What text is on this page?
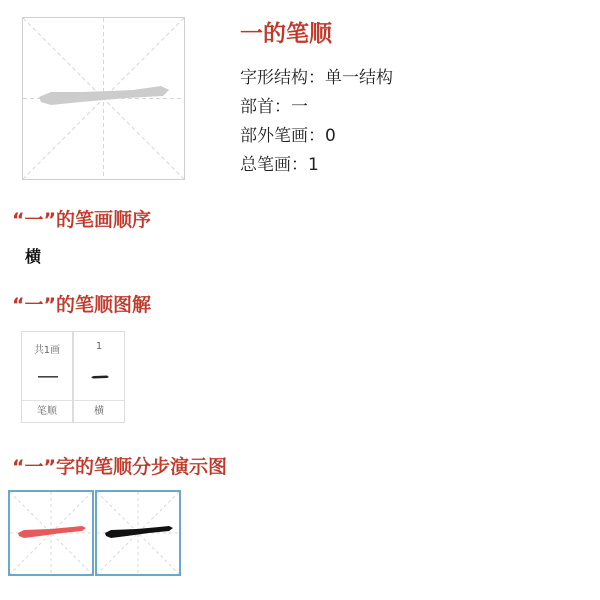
一的笔顺
字形结构：单一结构
部首：一
部外笔画：0
总笔画：1
“一”的笔画顺序
横
“一”的笔顺图解
共1画
笔顺
1
横
“一”字的笔顺分步演示图
